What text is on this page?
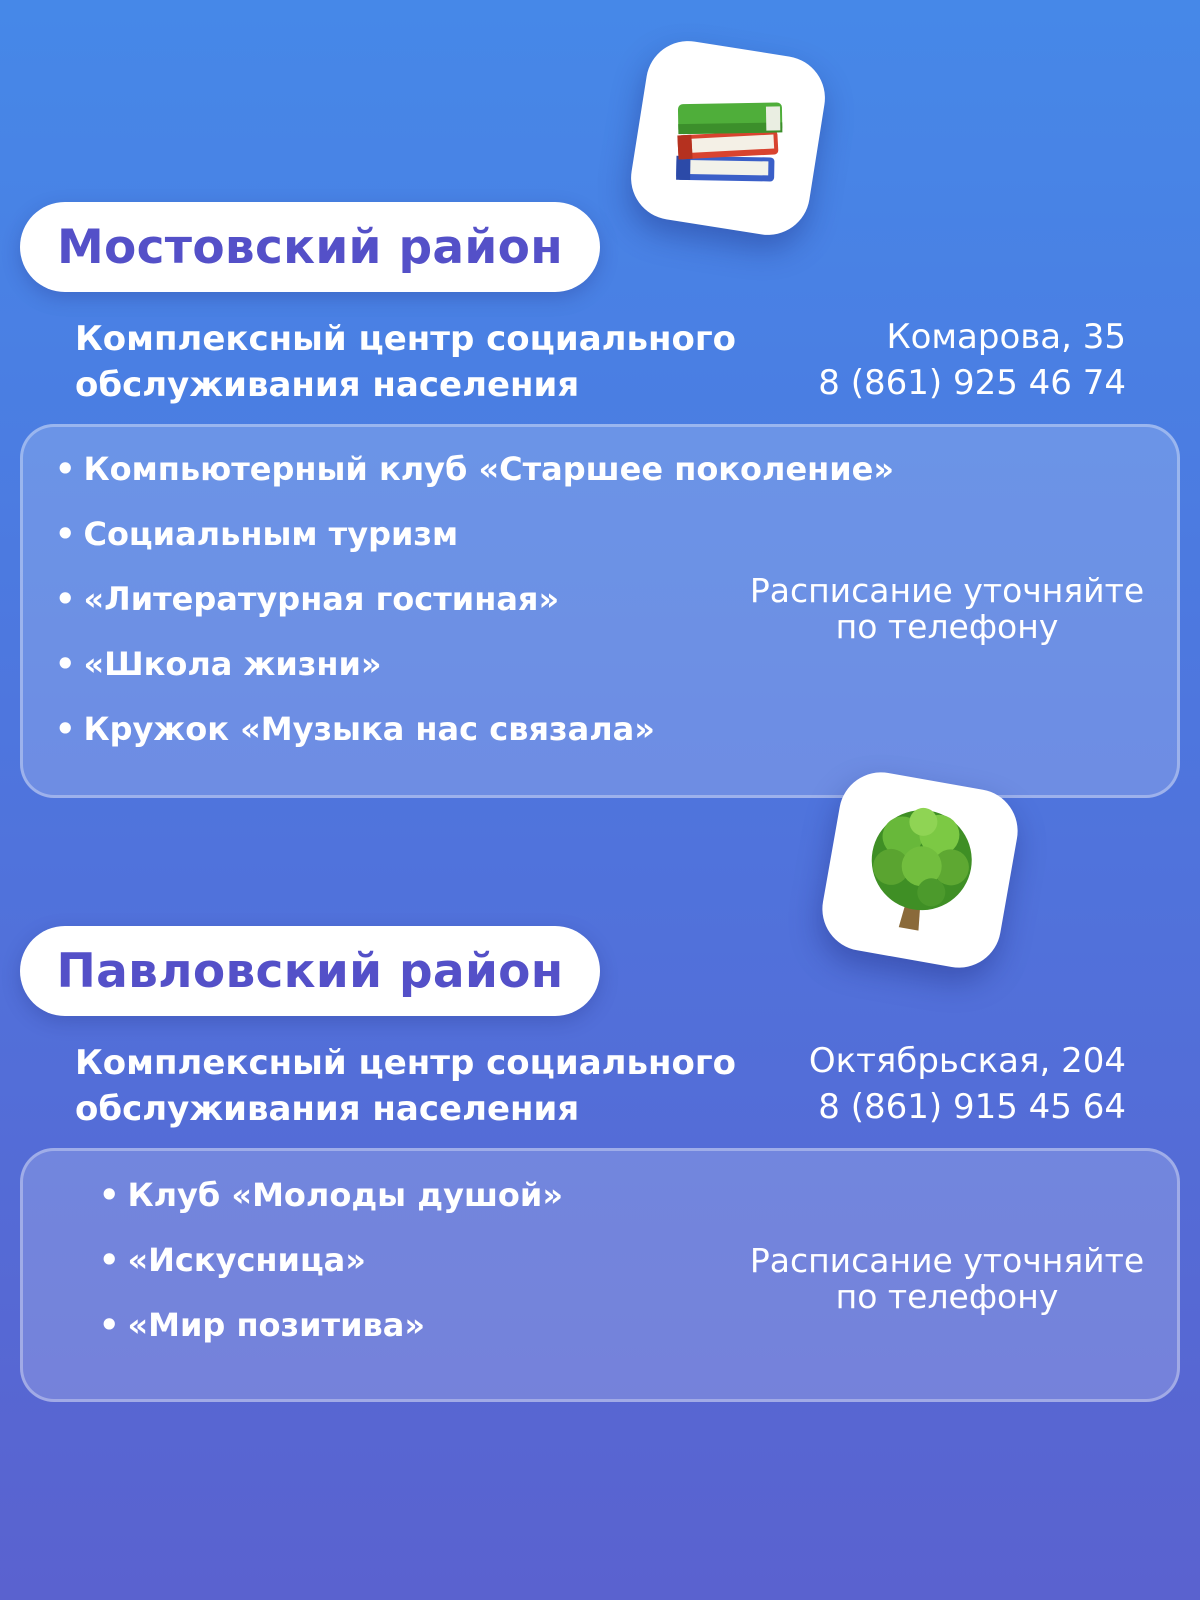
Мостовский район
Комплексный центр социального
обслуживания населения
Комарова, 35
8 (861) 925 46 74
• Компьютерный клуб «Старшее поколение»
• Социальным туризм
• «Литературная гостиная»
• «Школа жизни»
• Кружок «Музыка нас связала»
Расписание уточняйте
по телефону
Павловский район
Комплексный центр социального
обслуживания населения
Октябрьская, 204
8 (861) 915 45 64
• Клуб «Молоды душой»
• «Искусница»
• «Мир позитива»
Расписание уточняйте
по телефону
